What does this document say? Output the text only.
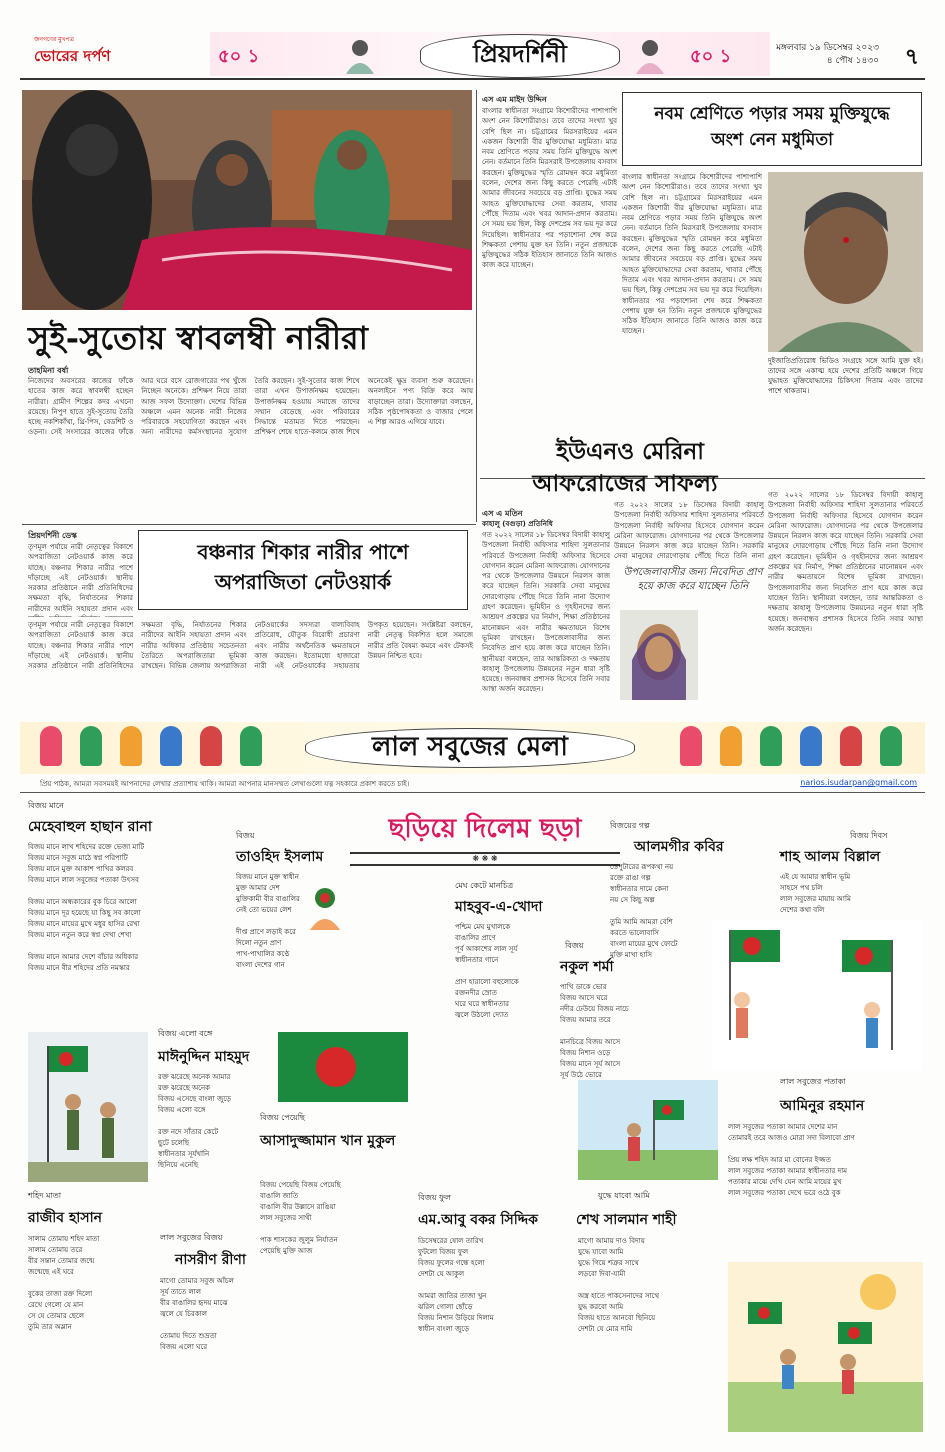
জনগণের মুখপত্র
ভোরের দর্পণ	৫০ ১	৫০ ১
প্রিয়দর্শিনী	মঙ্গলবার ১৯ ডিসেম্বর ২০২৩
৪ পৌষ ১৪৩০ ৭
সুই-সুতোয় স্বাবলম্বী নারীরা
তাহমিনা বর্ষা
নিজেদের অবসরের কাজের ফাঁকে হাতের কাজ করে স্বাবলম্বী হচ্ছেন নারীরা। গ্রামীণ শিল্পের কদর এখনো রয়েছে। নিপুণ হাতে সুই-সুতোয় তৈরি হচ্ছে নকশিকাঁথা, থ্রি-পিস, বেডশিট ও ওড়না। সেই সংসারের কাজের ফাঁকে আর ঘরে বসে রোজগারের পথ খুঁজে নিচ্ছেন অনেকে। প্রশিক্ষণ নিয়ে তারা আজ সফল উদ্যোক্তা। দেশের বিভিন্ন অঞ্চলে এমন অনেক নারী নিজের পরিবারকে সহযোগিতা করছেন এবং অন্য নারীদের কর্মসংস্থানের সুযোগ তৈরি করছেন। সুই-সুতোর কাজ শিখে তারা এখন উপার্জনক্ষম হয়েছেন। উপার্জনক্ষম হওয়ায় সমাজে তাদের সম্মান বেড়েছে এবং পরিবারের সিদ্ধান্তে মতামত দিতে পারছেন। প্রশিক্ষণ শেষে হাতে-কলমে কাজ শিখে অনেকেই ক্ষুদ্র ব্যবসা শুরু করেছেন। অনলাইনে পণ্য বিক্রি করে আয় বাড়াচ্ছেন তারা। উদ্যোক্তারা বলছেন, সঠিক পৃষ্ঠপোষকতা ও বাজার পেলে এ শিল্প আরও এগিয়ে যাবে।
এস এম মাইদ উদ্দিন
বাংলার স্বাধীনতা সংগ্রামে কিশোরীদের পাশাপাশি অংশ নেন কিশোরীরাও। তবে তাদের সংখ্যা খুব বেশি ছিল না। চট্টগ্রামের মিরসরাইয়ের এমন একজন কিশোরী বীর মুক্তিযোদ্ধা মধুমিতা। মাত্র নবম শ্রেণিতে পড়ার সময় তিনি মুক্তিযুদ্ধে অংশ নেন। বর্তমানে তিনি মিরসরাই উপজেলায় বসবাস করছেন। মুক্তিযুদ্ধের স্মৃতি রোমন্থন করে মধুমিতা বলেন, দেশের জন্য কিছু করতে পেরেছি এটাই আমার জীবনের সবচেয়ে বড় প্রাপ্তি। যুদ্ধের সময় আহত মুক্তিযোদ্ধাদের সেবা করতাম, খাবার পৌঁছে দিতাম এবং খবর আদান-প্রদান করতাম। সে সময় ভয় ছিল, কিন্তু দেশপ্রেম সব ভয় দূর করে দিয়েছিল। স্বাধীনতার পর পড়াশোনা শেষ করে শিক্ষকতা পেশায় যুক্ত হন তিনি। নতুন প্রজন্মকে মুক্তিযুদ্ধের সঠিক ইতিহাস জানাতে তিনি আজও কাজ করে যাচ্ছেন।
নবম শ্রেণিতে পড়ার সময় মুক্তিযুদ্ধে
অংশ নেন মধুমিতা
বাংলার স্বাধীনতা সংগ্রামে কিশোরীদের পাশাপাশি অংশ নেন কিশোরীরাও। তবে তাদের সংখ্যা খুব বেশি ছিল না। চট্টগ্রামের মিরসরাইয়ের এমন একজন কিশোরী বীর মুক্তিযোদ্ধা মধুমিতা। মাত্র নবম শ্রেণিতে পড়ার সময় তিনি মুক্তিযুদ্ধে অংশ নেন। বর্তমানে তিনি মিরসরাই উপজেলায় বসবাস করছেন। মুক্তিযুদ্ধের স্মৃতি রোমন্থন করে মধুমিতা বলেন, দেশের জন্য কিছু করতে পেরেছি এটাই আমার জীবনের সবচেয়ে বড় প্রাপ্তি। যুদ্ধের সময় আহত মুক্তিযোদ্ধাদের সেবা করতাম, খাবার পৌঁছে দিতাম এবং খবর আদান-প্রদান করতাম। সে সময় ভয় ছিল, কিন্তু দেশপ্রেম সব ভয় দূর করে দিয়েছিল। স্বাধীনতার পর পড়াশোনা শেষ করে শিক্ষকতা পেশায় যুক্ত হন তিনি। নতুন প্রজন্মকে মুক্তিযুদ্ধের সঠিক ইতিহাস জানাতে তিনি আজও কাজ করে যাচ্ছেন।
দুইজাতিপ্রতিরোধ ভিডিও সংগ্রহে সঙ্গে আমি যুক্ত হই। তাদের সঙ্গে একাত্ম হয়ে দেশের প্রতিটি অঞ্চলে গিয়ে যুদ্ধাহত মুক্তিযোদ্ধাদের চিকিৎসা দিতাম এবং তাদের পাশে থাকতাম।
ইউএনও মেরিনা
আফরোজের সাফল্য
এস এ মতিন
কাহালু (বগুড়া) প্রতিনিধি
গত ২০২২ সালের ১৮ ডিসেম্বর বিদায়ী কাহালু উপজেলা নির্বাহী অফিসার শাহিদা সুলতানার পরিবর্তে উপজেলা নির্বাহী অফিসার হিসেবে যোগদান করেন মেরিনা আফরোজ। যোগদানের পর থেকে উপজেলার উন্নয়নে নিরলস কাজ করে যাচ্ছেন তিনি। সরকারি সেবা মানুষের দোরগোড়ায় পৌঁছে দিতে তিনি নানা উদ্যোগ গ্রহণ করেছেন। ভূমিহীন ও গৃহহীনদের জন্য আশ্রয়ণ প্রকল্পের ঘর নির্মাণ, শিক্ষা প্রতিষ্ঠানের মানোন্নয়ন এবং নারীর ক্ষমতায়নে বিশেষ ভূমিকা রাখছেন। উপজেলাবাসীর জন্য নিবেদিত প্রাণ হয়ে কাজ করে যাচ্ছেন তিনি। স্থানীয়রা বলছেন, তার আন্তরিকতা ও দক্ষতায় কাহালু উপজেলায় উন্নয়নের নতুন ধারা সৃষ্টি হয়েছে। জনবান্ধব প্রশাসক হিসেবে তিনি সবার আস্থা অর্জন করেছেন।
গত ২০২২ সালের ১৮ ডিসেম্বর বিদায়ী কাহালু উপজেলা নির্বাহী অফিসার শাহিদা সুলতানার পরিবর্তে উপজেলা নির্বাহী অফিসার হিসেবে যোগদান করেন মেরিনা আফরোজ। যোগদানের পর থেকে উপজেলার উন্নয়নে নিরলস কাজ করে যাচ্ছেন তিনি। সরকারি সেবা মানুষের দোরগোড়ায় পৌঁছে দিতে তিনি নানা
উপজেলাবাসীর জন্য নিবেদিত প্রাণ হয়ে কাজ করে যাচ্ছেন তিনি
গত ২০২২ সালের ১৮ ডিসেম্বর বিদায়ী কাহালু উপজেলা নির্বাহী অফিসার শাহিদা সুলতানার পরিবর্তে উপজেলা নির্বাহী অফিসার হিসেবে যোগদান করেন মেরিনা আফরোজ। যোগদানের পর থেকে উপজেলার উন্নয়নে নিরলস কাজ করে যাচ্ছেন তিনি। সরকারি সেবা মানুষের দোরগোড়ায় পৌঁছে দিতে তিনি নানা উদ্যোগ গ্রহণ করেছেন। ভূমিহীন ও গৃহহীনদের জন্য আশ্রয়ণ প্রকল্পের ঘর নির্মাণ, শিক্ষা প্রতিষ্ঠানের মানোন্নয়ন এবং নারীর ক্ষমতায়নে বিশেষ ভূমিকা রাখছেন। উপজেলাবাসীর জন্য নিবেদিত প্রাণ হয়ে কাজ করে যাচ্ছেন তিনি। স্থানীয়রা বলছেন, তার আন্তরিকতা ও দক্ষতায় কাহালু উপজেলায় উন্নয়নের নতুন ধারা সৃষ্টি হয়েছে। জনবান্ধব প্রশাসক হিসেবে তিনি সবার আস্থা অর্জন করেছেন।
প্রিয়দর্শিনী ডেস্ক
তৃণমূল পর্যায়ে নারী নেতৃত্বের বিকাশে অপরাজিতা নেটওয়ার্ক কাজ করে যাচ্ছে। বঞ্চনার শিকার নারীর পাশে দাঁড়াচ্ছে এই নেটওয়ার্ক। স্থানীয় সরকার প্রতিষ্ঠানে নারী প্রতিনিধিদের সক্ষমতা বৃদ্ধি, নির্যাতনের শিকার নারীদের আইনি সহায়তা প্রদান এবং
বঞ্চনার শিকার নারীর পাশে
অপরাজিতা নেটওয়ার্ক
তৃণমূল পর্যায়ে নারী নেতৃত্বের বিকাশে অপরাজিতা নেটওয়ার্ক কাজ করে যাচ্ছে। বঞ্চনার শিকার নারীর পাশে দাঁড়াচ্ছে এই নেটওয়ার্ক। স্থানীয় সরকার প্রতিষ্ঠানে নারী প্রতিনিধিদের সক্ষমতা বৃদ্ধি, নির্যাতনের শিকার নারীদের আইনি সহায়তা প্রদান এবং নারীর অধিকার প্রতিষ্ঠায় সচেতনতা তৈরিতে অপরাজিতারা ভূমিকা রাখছেন। বিভিন্ন জেলায় অপরাজিতা নেটওয়ার্কের সদস্যরা বাল্যবিবাহ প্রতিরোধ, যৌতুক বিরোধী প্রচারণা এবং নারীর অর্থনৈতিক ক্ষমতায়নে কাজ করছেন। ইতোমধ্যে হাজারো নারী এই নেটওয়ার্কের সহায়তায় উপকৃত হয়েছেন। সংশ্লিষ্টরা বলছেন, নারী নেতৃত্ব বিকশিত হলে সমাজে নারীর প্রতি বৈষম্য কমবে এবং টেকসই উন্নয়ন নিশ্চিত হবে।
লাল সবুজের মেলা
প্রিয় পাঠক, আমরা সবসময়ই আপনাদের লেখার প্রত্যাশায় থাকি। আমরা আপনার মানসম্মত লেখাগুলো যত্ন সহকারে প্রকাশ করতে চাই।	narios.isudarpan@gmail.com
বিজয় মানে
মেহেবাহুল হাছান রানা
বিজয় মানে লাখ শহিদের রক্তে ভেজা মাটি
বিজয় মানে সবুজ মাঠে স্বপ্ন পরিপাটি
বিজয় মানে মুক্ত আকাশ পাখির কলরব
বিজয় মানে লাল সবুজের পতাকা উৎসব

বিজয় মানে অন্ধকারের বুক চিরে আলো
বিজয় মানে দূর হয়েছে যা কিছু সব কালো
বিজয় মানে মায়ের মুখে মধুর হাসির রেখা
বিজয় মানে নতুন করে স্বপ্ন দেখা শেখা

বিজয় মানে আমার দেশে বাঁচার অধিকার
বিজয় মানে বীর শহিদের প্রতি নমস্কার
বিজয়
তাওহিদ ইসলাম
বিজয় মানে মুক্ত স্বাধীন
মুক্ত আমার দেশ
মুক্তিকামী বীর বাঙালির
নেই তো ভয়ের লেশ

দীপ্ত প্রাণে লড়াই করে
দিলো নতুন প্রাণ
পাখ-পাখালির কণ্ঠে
বাংলা দেশের গান
ছড়িয়ে দিলেম ছড়া
❋ ❋ ❋
মেঘ কেটে মানচিত্র
মাহবুব-এ-খোদা
পশ্চিম মেঘ মুখালকে
বাঙালির প্রাণে
পূর্ব আকাশের লাল সূর্য
স্বাধীনতার গানে

প্রাণ হারালো বহুলোকে
রক্তনদীর স্রোত
ঘরে ঘরে স্বাধীনতার
জ্বলে উঠলো দ্যোত
বিজয়ের গল্প
আলমগীর কবির
ডেপুটারের রূপকথা নয়
রক্তে রাঙা গল্প
স্বাধীনতার দামে কেনা
নয় সে কিছু অল্প

তুমি আমি আমরা বেশি
করতে ভালোবাসি
বাংলা মায়ের মুখে ফোটে
মুক্তি মাখা হাসি
বিজয় দিবস
শাহ আলম বিল্লাল
এই যে আমার স্বাধীন ভূমি
সাহসে পথ চলি
লাল সবুজের মায়ায় আমি
দেশের কথা বলি

বিজয়
নকুল শর্মা
পাখি ডাকে ভোর
বিজয় আসে ঘরে
নদীর ঢেউয়ে বিজয় নাচে
বিজয় আমার তরে

মানচিত্রে বিজয় আসে
বিজয় নিশান ওড়ে
বিজয় মানে সূর্য আসে
সূর্য উঠে ভোরে
বিজয় এলো বঙ্গে
মাঈনুদ্দিন মাহমুদ
রক্ত ঝরেছে অনেক আমার
রক্ত ঝরেছে অনেক
বিজয় এসেছে বাংলা জুড়ে
বিজয় এলো বঙ্গে

রক্ত নদে সাঁতার কেটে
ছুটে চলেছি
স্বাধীনতার সূর্যখানি
ছিনিয়ে এনেছি
বিজয় পেয়েছি
আসাদুজ্জামান খান মুকুল
বিজয় পেয়েছি বিজয় পেয়েছি
বাঙালি জাতি
বাঙালি বীর উল্লাসে রাঙিয়া
লাল সবুজের সাথী

পাক শাসকের জুলুম নির্যাতন
পেয়েছি মুক্তি আজ
শহিদ মাতা
রাজীব হাসান
সালাম তোমায় শহিদ মাতা
সালাম তোমায় তরে
বীর সন্তান তোমার জন্মে
জন্মেছে এই ঘরে

বুকের তাজা রক্ত দিলো
রেখে গেলো যে মান
সে যে তোমার ছেলে
তুমি তার অম্লান
লাল সবুজের বিজয়
নাসরীণ রীণা
মাগো তোমার সবুজ আঁচল
সূর্য তাতে লাল
বীর বাঙালির হৃদয় মাঝে
জ্বলে যে চিরকাল

তোমায় দিতে শুভ্রতা
বিজয় এলো ঘরে
বিজয় ফুল
এম.আবু বকর সিদ্দিক
ডিসেম্বরের ষোল তারিখ
ফুটলো বিজয় ফুল
বিজয় ফুলের গন্ধে হলো
দেশটা যে আকুল

আমরা জাতির তাজা খুন
ঝরিল গোলা ছোঁড়ে
বিজয় নিশান উড়িয়ে দিলাম
স্বাধীন বাংলা জুড়ে
যুদ্ধে যাবো আমি
শেখ সালমান শাহী
মাগো আমায় দাও বিদায়
যুদ্ধে যাবো আমি
যুদ্ধে গিয়ে শত্রুর সাথে
লড়বো দিবা-যামী

অস্ত্র হাতে পাকসেনাদের সাথে
যুদ্ধ করবো আমি
বিজয় হাতে আনবো ছিনিয়ে
দেশটা যে মোর দামি
লাল সবুজের পতাকা
আমিনুর রহমান
লাল সবুজের পতাকা আমার দেশের মান
তোমারই তরে আজও মোরা সদা বিলাবো প্রাণ

প্রিয় লক্ষ শহিদ আর মা বোনের ইজ্জত
লাল সবুজের পতাকা আমার স্বাধীনতার দাম
পতাকার মাঝে দেখি যেন আমি মায়ের মুখ
লাল সবুজের পতাকা দেখে ভরে ওঠে বুক
